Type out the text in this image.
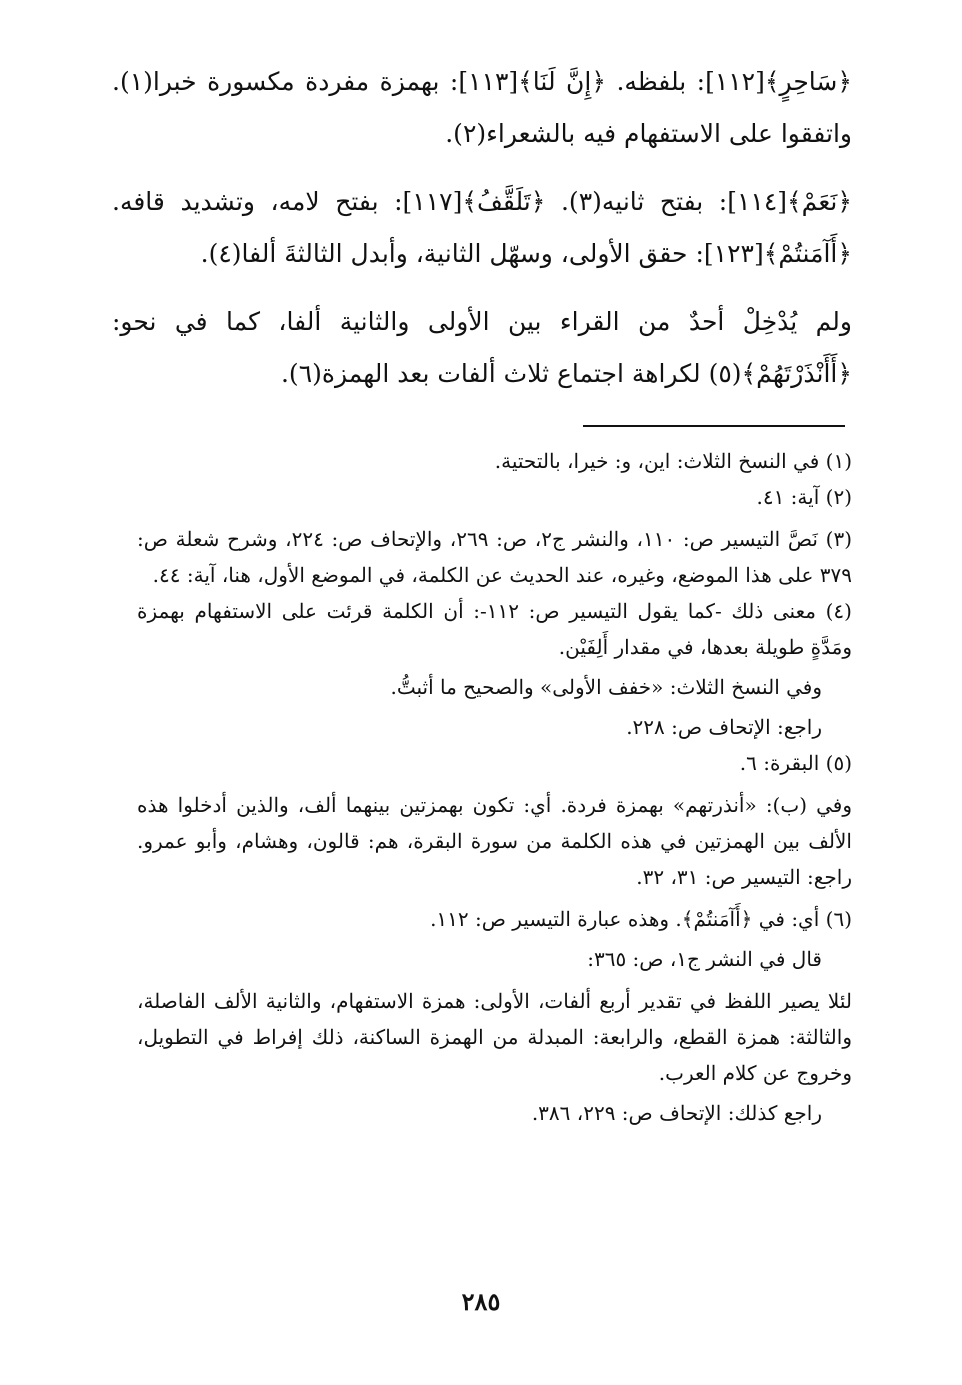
﴿سَاحِرٍ﴾[١١٢]: بلفظه. ﴿إِنَّ لَنَا﴾[١١٣]: بهمزة مفردة مكسورة خبرا(١). واتفقوا على الاستفهام فيه بالشعراء(٢).

﴿نَعَمْ﴾[١١٤]: بفتح ثانيه(٣). ﴿تَلَقَّفُ﴾[١١٧]: بفتح لامه، وتشديد قافه. ﴿أَآمَنتُمْ﴾[١٢٣]: حقق الأولى، وسهّل الثانية، وأبدل الثالثةَ ألفا(٤).

ولم يُدْخِلْ أحدٌ من القراء بين الأولى والثانية ألفا، كما في نحو: ﴿أَأَنْذَرْتَهُمْ﴾(٥) لكراهة اجتماع ثلاث ألفات بعد الهمزة(٦).

(١) في النسخ الثلاث: اين، و: خيرا، بالتحتية.

(٢) آية: ٤١.

(٣) نَصَّ التيسير ص: ١١٠، والنشر ج٢، ص: ٢٦٩، والإتحاف ص: ٢٢٤، وشرح شعلة ص: ٣٧٩ على هذا الموضع، وغيره، عند الحديث عن الكلمة، في الموضع الأول، هنا، آية: ٤٤.

(٤) معنى ذلك -كما يقول التيسير ص: ١١٢-: أن الكلمة قرئت على الاستفهام بهمزة ومَدَّةٍ طويلة بعدها، في مقدار أَلِفَيْن.

وفي النسخ الثلاث: «خفف الأولى» والصحيح ما أثبتُّ.

راجع: الإتحاف ص: ٢٢٨.

(٥) البقرة: ٦.

وفي (ب): «أنذرتهم» بهمزة فردة. أي: تكون بهمزتين بينهما ألف، والذين أدخلوا هذه الألف بين الهمزتين في هذه الكلمة من سورة البقرة، هم: قالون، وهشام، وأبو عمرو. راجع: التيسير ص: ٣١، ٣٢.

(٦) أي: في ﴿أَآمَنتُمْ﴾. وهذه عبارة التيسير ص: ١١٢.

قال في النشر ج١، ص: ٣٦٥:

لئلا يصير اللفظ في تقدير أربع ألفات، الأولى: همزة الاستفهام، والثانية الألف الفاصلة، والثالثة: همزة القطع، والرابعة: المبدلة من الهمزة الساكنة، ذلك إفراط في التطويل، وخروج عن كلام العرب.

راجع كذلك: الإتحاف ص: ٢٢٩، ٣٨٦.

٢٨٥
